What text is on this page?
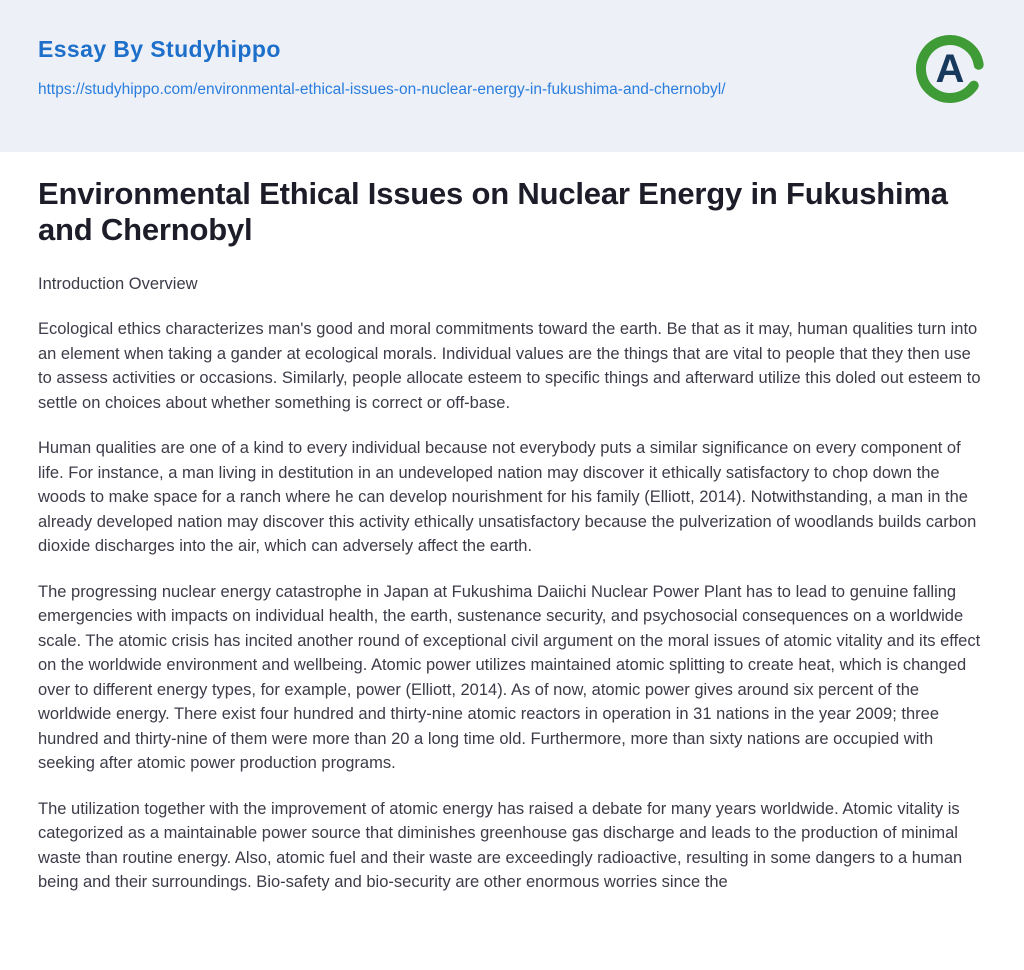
Essay By Studyhippo
https://studyhippo.com/environmental-ethical-issues-on-nuclear-energy-in-fukushima-and-chernobyl/	A
Environmental Ethical Issues on Nuclear Energy in Fukushima and Chernobyl

Introduction Overview

Ecological ethics characterizes man's good and moral commitments toward the earth. Be that as it may, human qualities turn into an element when taking a gander at ecological morals. Individual values are the things that are vital to people that they then use to assess activities or occasions. Similarly, people allocate esteem to specific things and afterward utilize this doled out esteem to settle on choices about whether something is correct or off-base.

Human qualities are one of a kind to every individual because not everybody puts a similar significance on every component of life. For instance, a man living in destitution in an undeveloped nation may discover it ethically satisfactory to chop down the woods to make space for a ranch where he can develop nourishment for his family (Elliott, 2014). Notwithstanding, a man in the already developed nation may discover this activity ethically unsatisfactory because the pulverization of woodlands builds carbon dioxide discharges into the air, which can adversely affect the earth.

The progressing nuclear energy catastrophe in Japan at Fukushima Daiichi Nuclear Power Plant has to lead to genuine falling emergencies with impacts on individual health, the earth, sustenance security, and psychosocial consequences on a worldwide scale. The atomic crisis has incited another round of exceptional civil argument on the moral issues of atomic vitality and its effect on the worldwide environment and wellbeing. Atomic power utilizes maintained atomic splitting to create heat, which is changed over to different energy types, for example, power (Elliott, 2014). As of now, atomic power gives around six percent of the worldwide energy. There exist four hundred and thirty-nine atomic reactors in operation in 31 nations in the year 2009; three hundred and thirty-nine of them were more than 20 a long time old. Furthermore, more than sixty nations are occupied with seeking after atomic power production programs.

The utilization together with the improvement of atomic energy has raised a debate for many years worldwide. Atomic vitality is categorized as a maintainable power source that diminishes greenhouse gas discharge and leads to the production of minimal waste than routine energy. Also, atomic fuel and their waste are exceedingly radioactive, resulting in some dangers to a human being and their surroundings. Bio-safety and bio-security are other enormous worries since the
